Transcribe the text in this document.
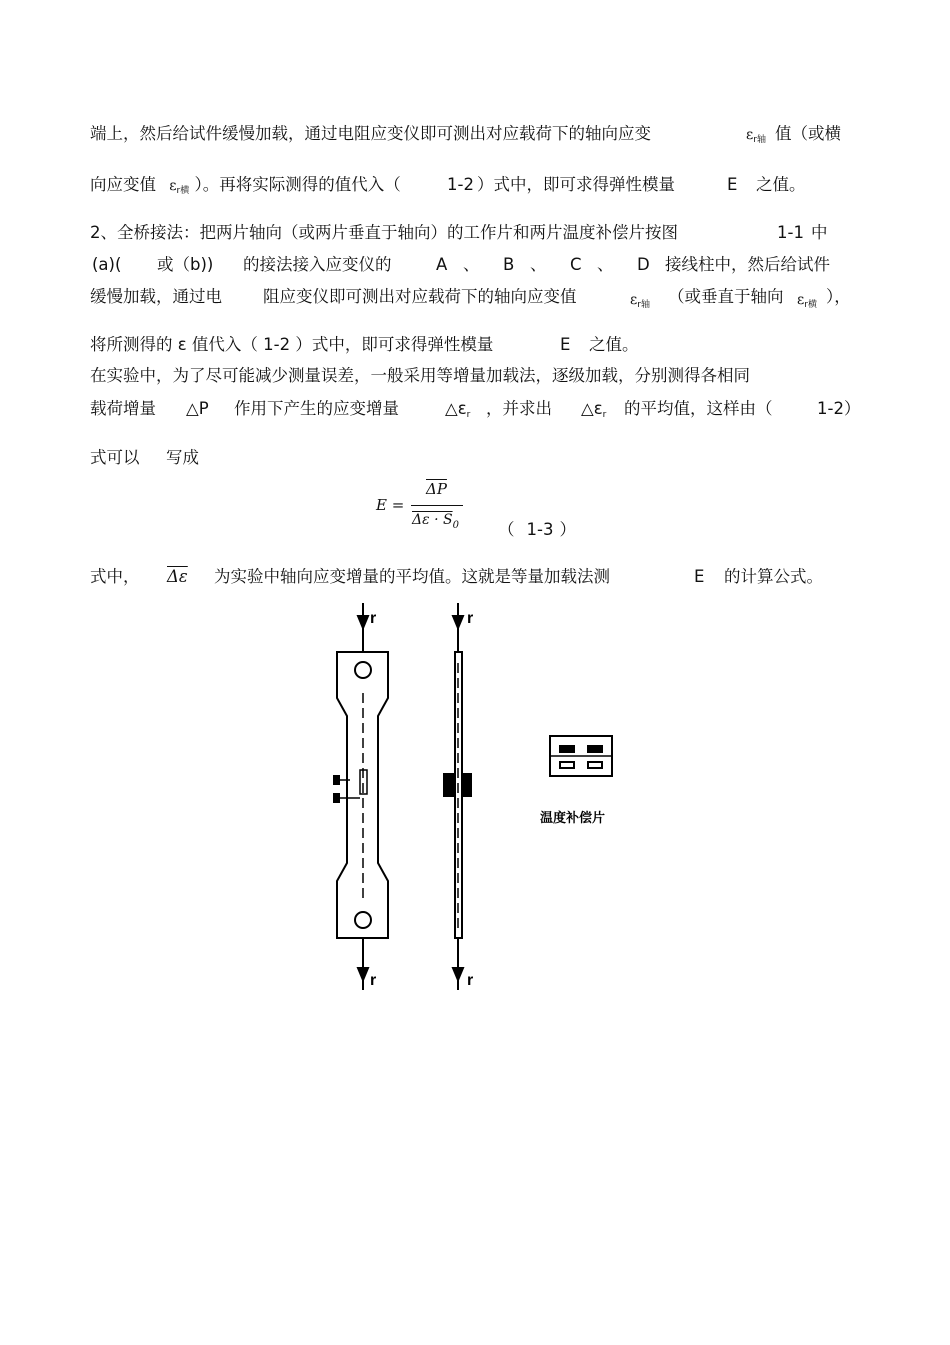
端上，然后给试件缓慢加载，通过电阻应变仪即可测出对应载荷下的轴向应变	$\varepsilon_{r轴}$ 值（或横
向应变值 $\varepsilon_{r横}$ ）。再将实际测得的值代入（	1-2 ）式中，即可求得弹性模量	E 之值。
2、全桥接法：把两片轴向（或两片垂直于轴向）的工作片和两片温度补偿片按图	1-1 中
(a)( 或（b)) 的接法接入应变仪的	A 、 B 、 C 、 D 接线柱中，然后给试件
缓慢加载，通过电 阻应变仪即可测出对应载荷下的轴向应变值	$\varepsilon_{r轴}$ （或垂直于轴向 $\varepsilon_{r横}$ ），
将所测得的 ε 值代入（ 1-2 ）式中，即可求得弹性模量	E 之值。
在实验中，为了尽可能减少测量误差，一般采用等增量加载法，逐级加载，分别测得各相同
载荷增量 △P 作用下产生的应变增量	$\triangle\varepsilon_r$ ，并求出 $\triangle\varepsilon_r$ 的平均值，这样由（	1-2）
式可以 写成
E =
$\overline{\Delta P}$
$\Delta\varepsilon \cdot S_0$ （ 1-3 ）
式中， $\overline{\Delta\varepsilon}$ 为实验中轴向应变增量的平均值。这就是等量加载法测	E 的计算公式。
r
r
r
r
温度补偿片
